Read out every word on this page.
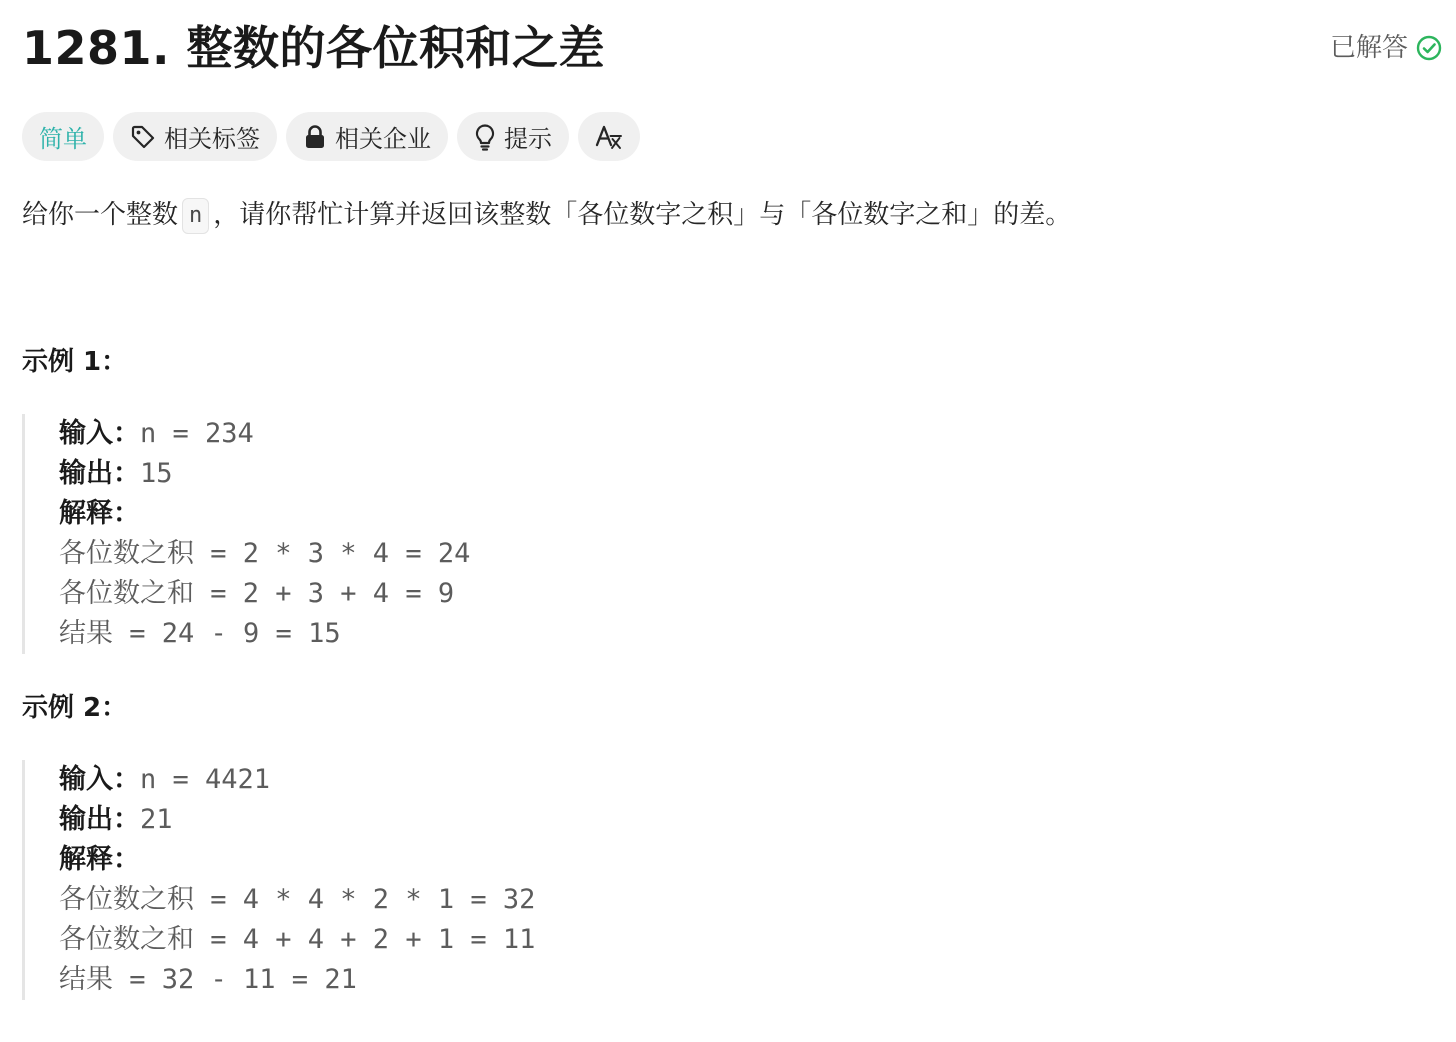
1281. 整数的各位积和之差	已解答
简单	相关标签	相关企业	提示
给你一个整数 n ，请你帮忙计算并返回该整数「各位数字之积」与「各位数字之和」的差。
示例 1：
输入：n = 234
输出：15
解释：
各位数之积 = 2 * 3 * 4 = 24
各位数之和 = 2 + 3 + 4 = 9
结果 = 24 - 9 = 15
示例 2：
输入：n = 4421
输出：21
解释：
各位数之积 = 4 * 4 * 2 * 1 = 32
各位数之和 = 4 + 4 + 2 + 1 = 11
结果 = 32 - 11 = 21
